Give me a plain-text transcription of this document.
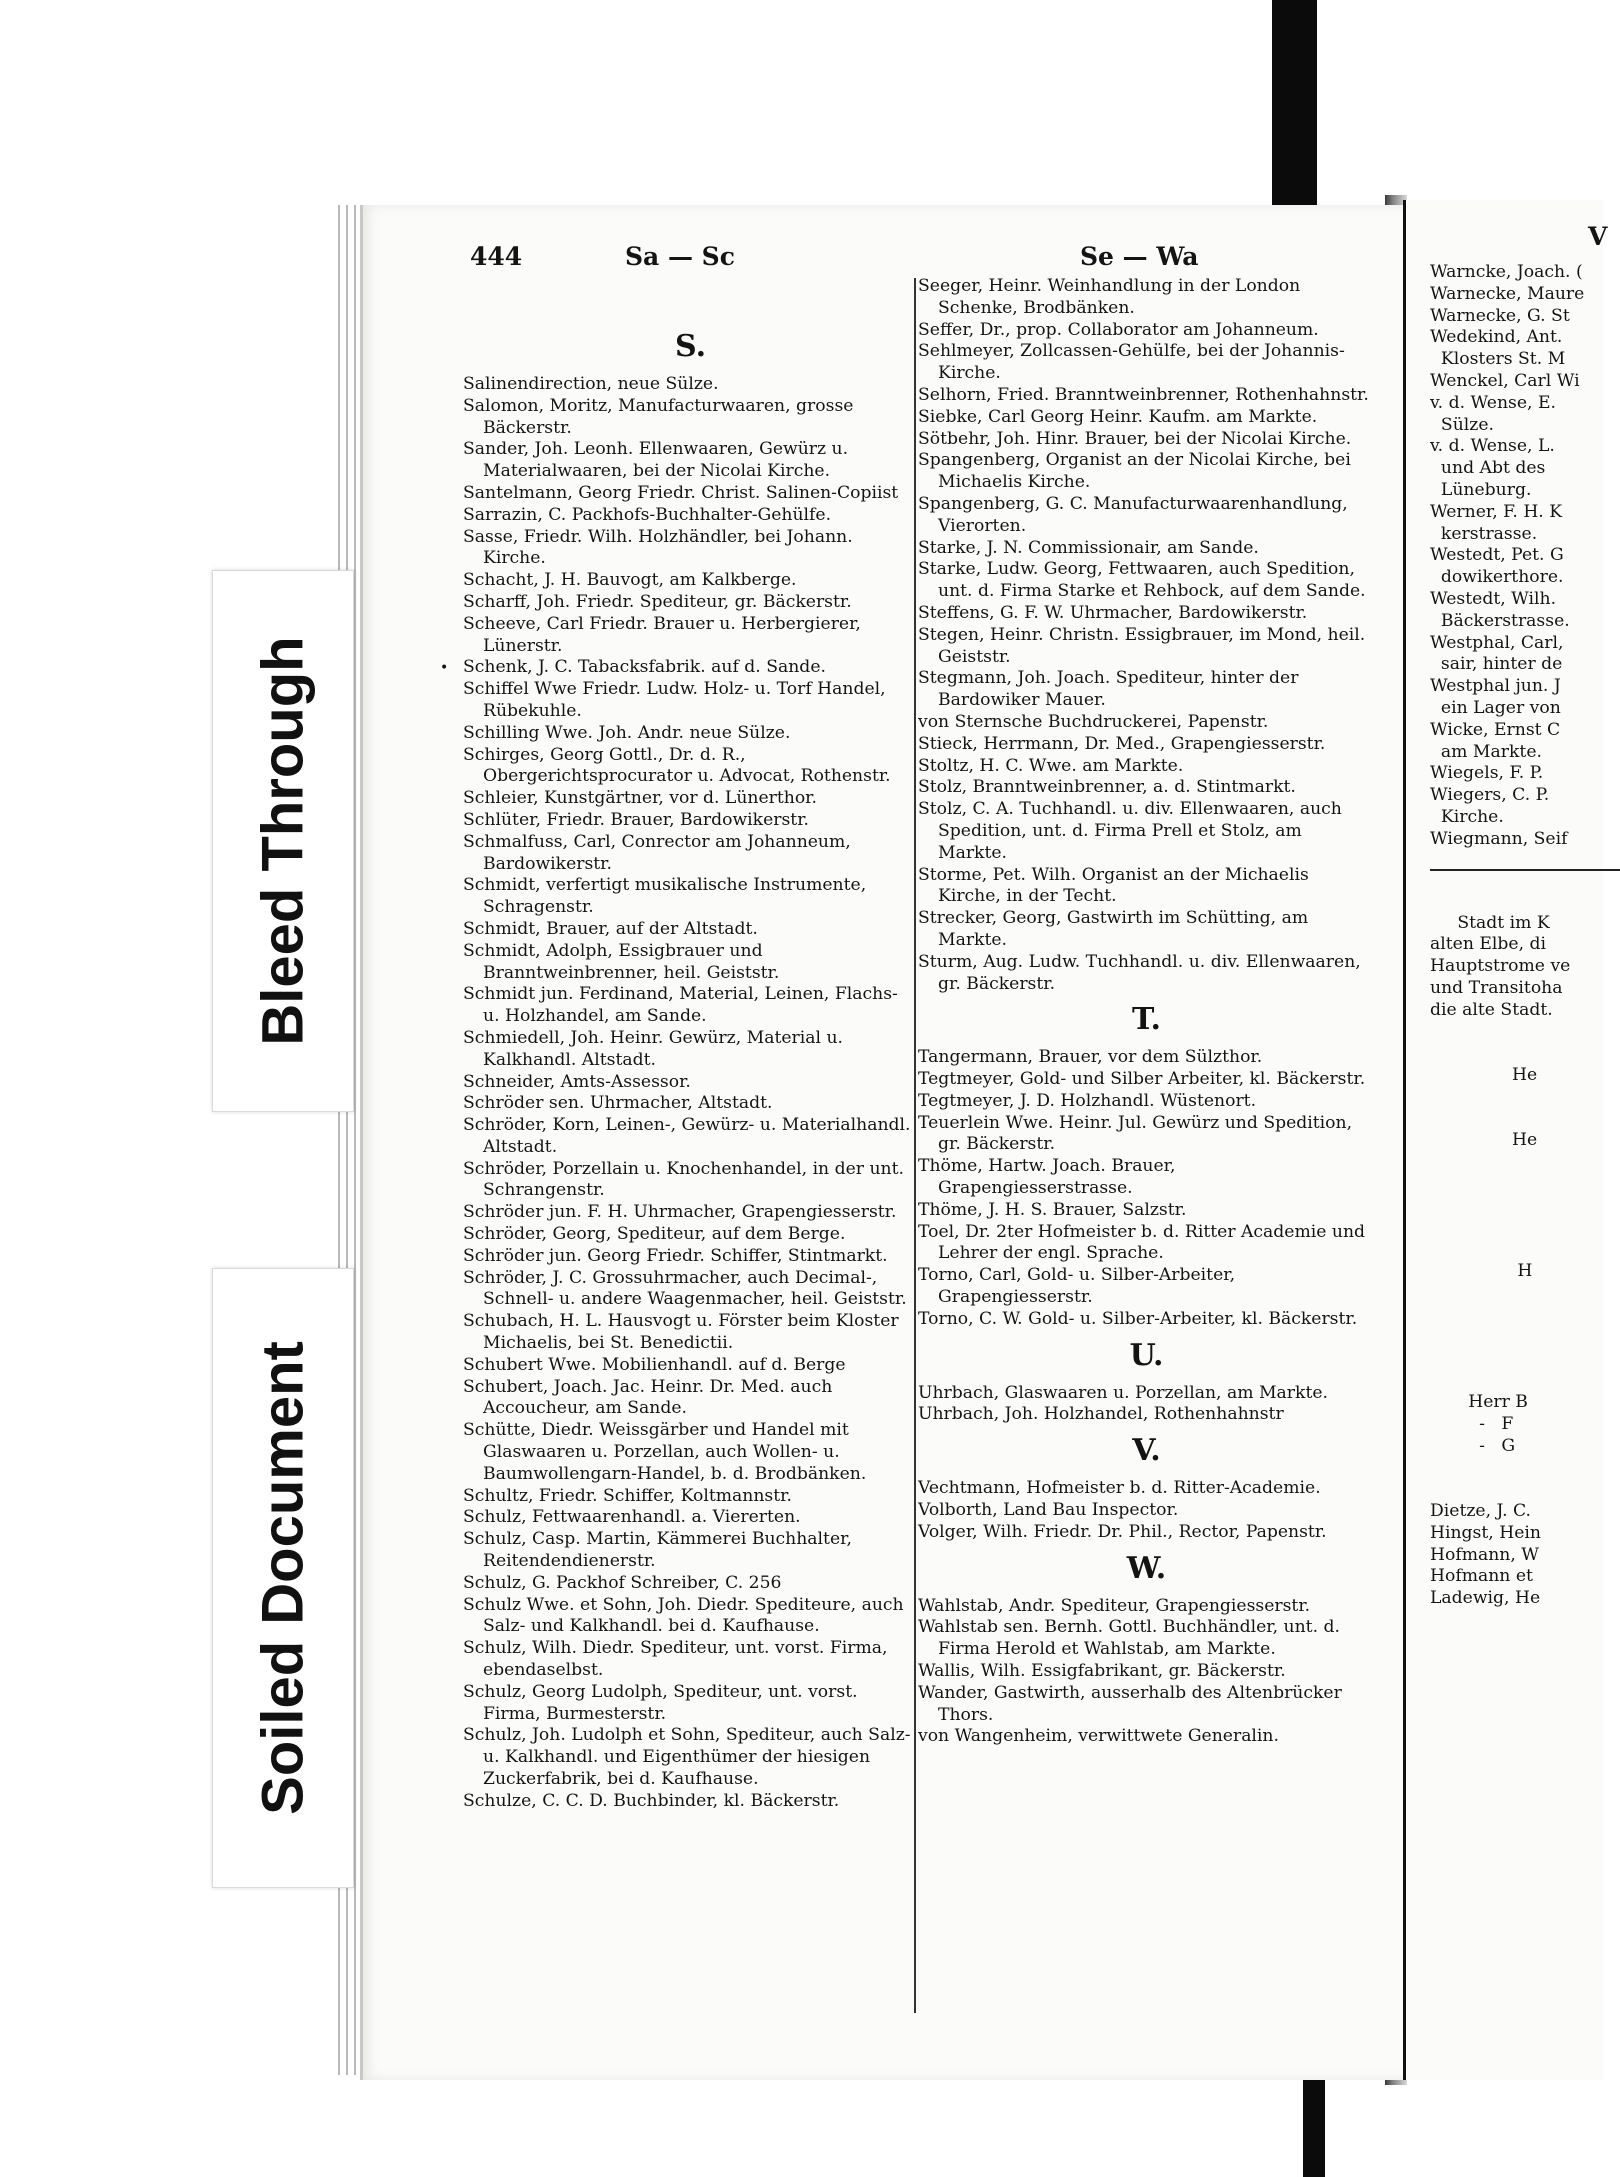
Bleed Through
Soiled Document
444	Sa — Sc	Se — Wa
V
•
S.
Salinendirection, neue Sülze.
Salomon, Moritz, Manufacturwaaren, grosse Bäckerstr.
Sander, Joh. Leonh. Ellenwaaren, Gewürz u. Materialwaaren, bei der Nicolai Kirche.
Santelmann, Georg Friedr. Christ. Salinen-Copiist
Sarrazin, C. Packhofs-Buchhalter-Gehülfe.
Sasse, Friedr. Wilh. Holzhändler, bei Johann. Kirche.
Schacht, J. H. Bauvogt, am Kalkberge.
Scharff, Joh. Friedr. Spediteur, gr. Bäckerstr.
Scheeve, Carl Friedr. Brauer u. Herbergierer, Lünerstr.
Schenk, J. C. Tabacksfabrik. auf d. Sande.
Schiffel Wwe Friedr. Ludw. Holz- u. Torf Handel, Rübekuhle.
Schilling Wwe. Joh. Andr. neue Sülze.
Schirges, Georg Gottl., Dr. d. R., Obergerichtsprocurator u. Advocat, Rothenstr.
Schleier, Kunstgärtner, vor d. Lünerthor.
Schlüter, Friedr. Brauer, Bardowikerstr.
Schmalfuss, Carl, Conrector am Johanneum, Bardowikerstr.
Schmidt, verfertigt musikalische Instrumente, Schragenstr.
Schmidt, Brauer, auf der Altstadt.
Schmidt, Adolph, Essigbrauer und Branntweinbrenner, heil. Geiststr.
Schmidt jun. Ferdinand, Material, Leinen, Flachs- u. Holzhandel, am Sande.
Schmiedell, Joh. Heinr. Gewürz, Material u. Kalkhandl. Altstadt.
Schneider, Amts-Assessor.
Schröder sen. Uhrmacher, Altstadt.
Schröder, Korn, Leinen-, Gewürz- u. Materialhandl. Altstadt.
Schröder, Porzellain u. Knochenhandel, in der unt. Schrangenstr.
Schröder jun. F. H. Uhrmacher, Grapengiesserstr.
Schröder, Georg, Spediteur, auf dem Berge.
Schröder jun. Georg Friedr. Schiffer, Stintmarkt.
Schröder, J. C. Grossuhrmacher, auch Decimal-, Schnell- u. andere Waagenmacher, heil. Geiststr.
Schubach, H. L. Hausvogt u. Förster beim Kloster Michaelis, bei St. Benedictii.
Schubert Wwe. Mobilienhandl. auf d. Berge
Schubert, Joach. Jac. Heinr. Dr. Med. auch Accoucheur, am Sande.
Schütte, Diedr. Weissgärber und Handel mit Glaswaaren u. Porzellan, auch Wollen- u. Baumwollengarn-Handel, b. d. Brodbänken.
Schultz, Friedr. Schiffer, Koltmannstr.
Schulz, Fettwaarenhandl. a. Viererten.
Schulz, Casp. Martin, Kämmerei Buchhalter, Reitendendienerstr.
Schulz, G. Packhof Schreiber, C. 256
Schulz Wwe. et Sohn, Joh. Diedr. Spediteure, auch Salz- und Kalkhandl. bei d. Kaufhause.
Schulz, Wilh. Diedr. Spediteur, unt. vorst. Firma, ebendaselbst.
Schulz, Georg Ludolph, Spediteur, unt. vorst. Firma, Burmesterstr.
Schulz, Joh. Ludolph et Sohn, Spediteur, auch Salz- u. Kalkhandl. und Eigenthümer der hiesigen Zuckerfabrik, bei d. Kaufhause.
Schulze, C. C. D. Buchbinder, kl. Bäckerstr.
Seeger, Heinr. Weinhandlung in der London Schenke, Brodbänken.
Seffer, Dr., prop. Collaborator am Johanneum.
Sehlmeyer, Zollcassen-Gehülfe, bei der Johannis-Kirche.
Selhorn, Fried. Branntweinbrenner, Rothenhahnstr.
Siebke, Carl Georg Heinr. Kaufm. am Markte.
Sötbehr, Joh. Hinr. Brauer, bei der Nicolai Kirche.
Spangenberg, Organist an der Nicolai Kirche, bei Michaelis Kirche.
Spangenberg, G. C. Manufacturwaarenhandlung, Vierorten.
Starke, J. N. Commissionair, am Sande.
Starke, Ludw. Georg, Fettwaaren, auch Spedition, unt. d. Firma Starke et Rehbock, auf dem Sande.
Steffens, G. F. W. Uhrmacher, Bardowikerstr.
Stegen, Heinr. Christn. Essigbrauer, im Mond, heil. Geiststr.
Stegmann, Joh. Joach. Spediteur, hinter der Bardowiker Mauer.
von Sternsche Buchdruckerei, Papenstr.
Stieck, Herrmann, Dr. Med., Grapengiesserstr.
Stoltz, H. C. Wwe. am Markte.
Stolz, Branntweinbrenner, a. d. Stintmarkt.
Stolz, C. A. Tuchhandl. u. div. Ellenwaaren, auch Spedition, unt. d. Firma Prell et Stolz, am Markte.
Storme, Pet. Wilh. Organist an der Michaelis Kirche, in der Techt.
Strecker, Georg, Gastwirth im Schütting, am Markte.
Sturm, Aug. Ludw. Tuchhandl. u. div. Ellenwaaren, gr. Bäckerstr.
T.
Tangermann, Brauer, vor dem Sülzthor.
Tegtmeyer, Gold- und Silber Arbeiter, kl. Bäckerstr.
Tegtmeyer, J. D. Holzhandl. Wüstenort.
Teuerlein Wwe. Heinr. Jul. Gewürz und Spedition, gr. Bäckerstr.
Thöme, Hartw. Joach. Brauer, Grapengiesserstrasse.
Thöme, J. H. S. Brauer, Salzstr.
Toel, Dr. 2ter Hofmeister b. d. Ritter Academie und Lehrer der engl. Sprache.
Torno, Carl, Gold- u. Silber-Arbeiter, Grapengiesserstr.
Torno, C. W. Gold- u. Silber-Arbeiter, kl. Bäckerstr.
U.
Uhrbach, Glaswaaren u. Porzellan, am Markte.
Uhrbach, Joh. Holzhandel, Rothenhahnstr
V.
Vechtmann, Hofmeister b. d. Ritter-Academie.
Volborth, Land Bau Inspector.
Volger, Wilh. Friedr. Dr. Phil., Rector, Papenstr.
W.
Wahlstab, Andr. Spediteur, Grapengiesserstr.
Wahlstab sen. Bernh. Gottl. Buchhändler, unt. d. Firma Herold et Wahlstab, am Markte.
Wallis, Wilh. Essigfabrikant, gr. Bäckerstr.
Wander, Gastwirth, ausserhalb des Altenbrücker Thors.
von Wangenheim, verwittwete Generalin.
Warncke, Joach. (
Warnecke, Maure
Warnecke, G. St
Wedekind, Ant.
Klosters St. M
Wenckel, Carl Wi
v. d. Wense, E.
Sülze.
v. d. Wense, L.
und Abt des
Lüneburg.
Werner, F. H. K
kerstrasse.
Westedt, Pet. G
dowikerthore.
Westedt, Wilh.
Bäckerstrasse.
Westphal, Carl,
sair, hinter de
Westphal jun. J
ein Lager von
Wicke, Ernst C
am Markte.
Wiegels, F. P.
Wiegers, C. P.
Kirche.
Wiegmann, Seif
Stadt im K
alten Elbe, di
Hauptstrome ve
und Transitoha
die alte Stadt.
He
He
H
Herr B
-   F
-   G
Dietze, J. C.
Hingst, Hein
Hofmann, W
Hofmann et
Ladewig, He
